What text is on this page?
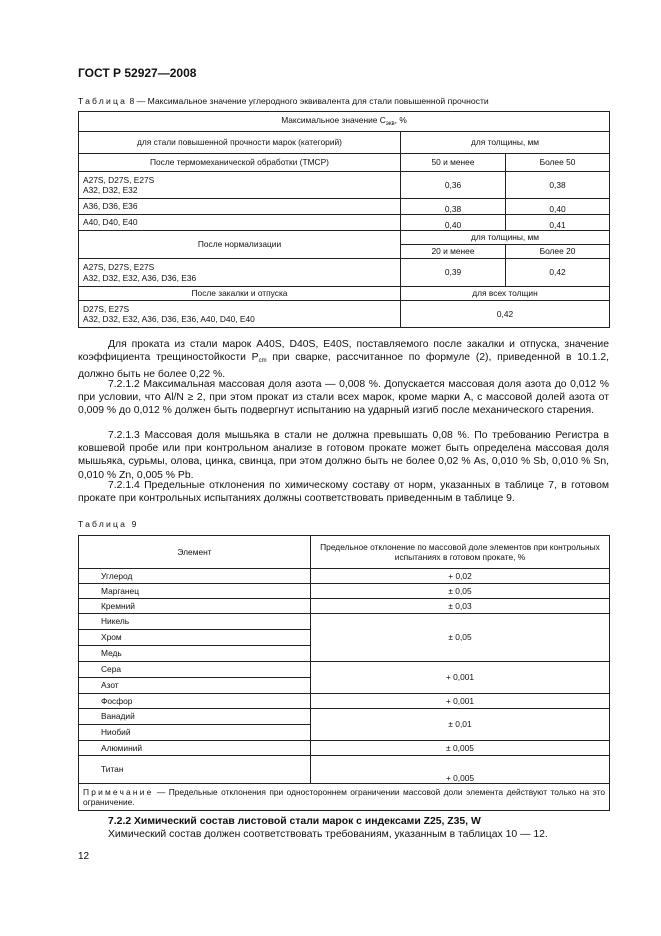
ГОСТ Р 52927—2008
Таблица 8 — Максимальное значение углеродного эквивалента для стали повышенной прочности
Максимальное значение $С_{экв}$, %		
для стали повышенной прочности марок (категорий)	для толщины, мм	
После термомеханической обработки (ТМСР)	50 и менее	Более 50

A27S, D27S, E27S
A32, D32, E32	0,36	0,38

A36, D36, E36	0,38	0,40

A40, D40, E40	0,40	0,41
После нормализации	для толщины, мм	
	20 и менее	Более 20

A27S, D27S, E27S
A32, D32, E32, A36, D36, E36	0,39	0,42
После закалки и отпуска	для всех толщин	

D27S, E27S
A32, D32, E32, A36, D36, E36, A40, D40, E40	0,42	

Для проката из стали марок A40S, D40S, E40S, поставляемого после закалки и отпуска, значение коэффициента трещиностойкости $P_{cm}$ при сварке, рассчитанное по формуле (2), приведенной в 10.1.2, должно быть не более 0,22 %.

7.2.1.2 Максимальная массовая доля азота — 0,008 %. Допускается массовая доля азота до 0,012 % при условии, что Al/N ≥ 2, при этом прокат из стали всех марок, кроме марки А, с массовой долей азота от 0,009 % до 0,012 % должен быть подвергнут испытанию на ударный изгиб после механического старения.

7.2.1.3 Массовая доля мышьяка в стали не должна превышать 0,08 %. По требованию Регистра в ковшевой пробе или при контрольном анализе в готовом прокате может быть определена массовая доля мышьяка, сурьмы, олова, цинка, свинца, при этом должно быть не более 0,02 % As, 0,010 % Sb, 0,010 % Sn, 0,010 % Zn, 0,005 % Pb.

7.2.1.4 Предельные отклонения по химическому составу от норм, указанных в таблице 7, в готовом прокате при контрольных испытаниях должны соответствовать приведенным в таблице 9.

Таблица 9
Элемент	Предельное отклонение по массовой доле элементов при контрольных испытаниях в готовом прокате, %
Углерод	+ 0,02
Марганец	± 0,05
Кремний	± 0,03
Никель	± 0,05
Хром	
Медь	
Сера	+ 0,001
Азот	
Фосфор	+ 0,001
Ванадий	± 0,01
Ниобий	
Алюминий	± 0,005
Титан	+ 0,005
Примечание — Предельные отклонения при одностороннем ограничении массовой доли элемента действуют только на это ограничение.	

7.2.2 Химический состав листовой стали марок с индексами Z25, Z35, W

Химический состав должен соответствовать требованиям, указанным в таблицах 10 — 12.

12
